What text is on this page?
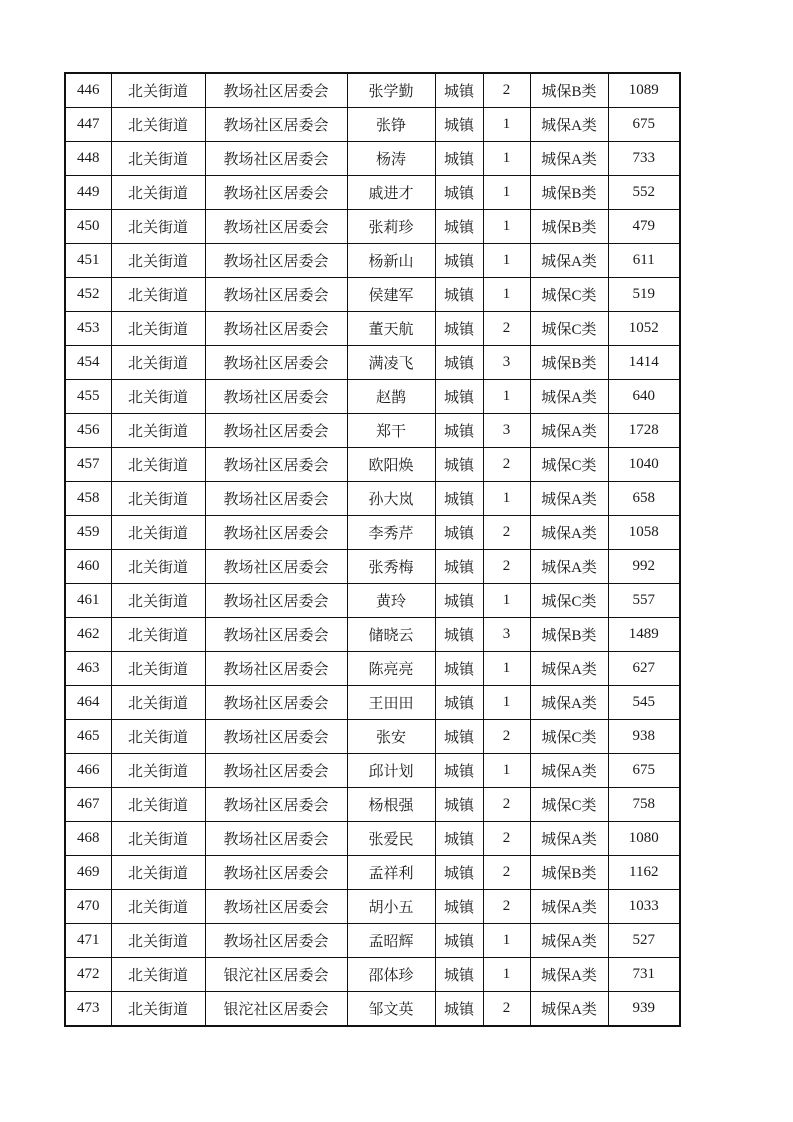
446	北关街道	教场社区居委会	张学勤	城镇	2	城保B类	1089
447	北关街道	教场社区居委会	张铮	城镇	1	城保A类	675
448	北关街道	教场社区居委会	杨涛	城镇	1	城保A类	733
449	北关街道	教场社区居委会	戚进才	城镇	1	城保B类	552
450	北关街道	教场社区居委会	张莉珍	城镇	1	城保B类	479
451	北关街道	教场社区居委会	杨新山	城镇	1	城保A类	611
452	北关街道	教场社区居委会	侯建军	城镇	1	城保C类	519
453	北关街道	教场社区居委会	董天航	城镇	2	城保C类	1052
454	北关街道	教场社区居委会	满凌飞	城镇	3	城保B类	1414
455	北关街道	教场社区居委会	赵鹊	城镇	1	城保A类	640
456	北关街道	教场社区居委会	郑干	城镇	3	城保A类	1728
457	北关街道	教场社区居委会	欧阳焕	城镇	2	城保C类	1040
458	北关街道	教场社区居委会	孙大岚	城镇	1	城保A类	658
459	北关街道	教场社区居委会	李秀芹	城镇	2	城保A类	1058
460	北关街道	教场社区居委会	张秀梅	城镇	2	城保A类	992
461	北关街道	教场社区居委会	黄玲	城镇	1	城保C类	557
462	北关街道	教场社区居委会	储晓云	城镇	3	城保B类	1489
463	北关街道	教场社区居委会	陈亮亮	城镇	1	城保A类	627
464	北关街道	教场社区居委会	王田田	城镇	1	城保A类	545
465	北关街道	教场社区居委会	张安	城镇	2	城保C类	938
466	北关街道	教场社区居委会	邱计划	城镇	1	城保A类	675
467	北关街道	教场社区居委会	杨根强	城镇	2	城保C类	758
468	北关街道	教场社区居委会	张爱民	城镇	2	城保A类	1080
469	北关街道	教场社区居委会	孟祥利	城镇	2	城保B类	1162
470	北关街道	教场社区居委会	胡小五	城镇	2	城保A类	1033
471	北关街道	教场社区居委会	孟昭辉	城镇	1	城保A类	527
472	北关街道	银沱社区居委会	邵体珍	城镇	1	城保A类	731
473	北关街道	银沱社区居委会	邹文英	城镇	2	城保A类	939
